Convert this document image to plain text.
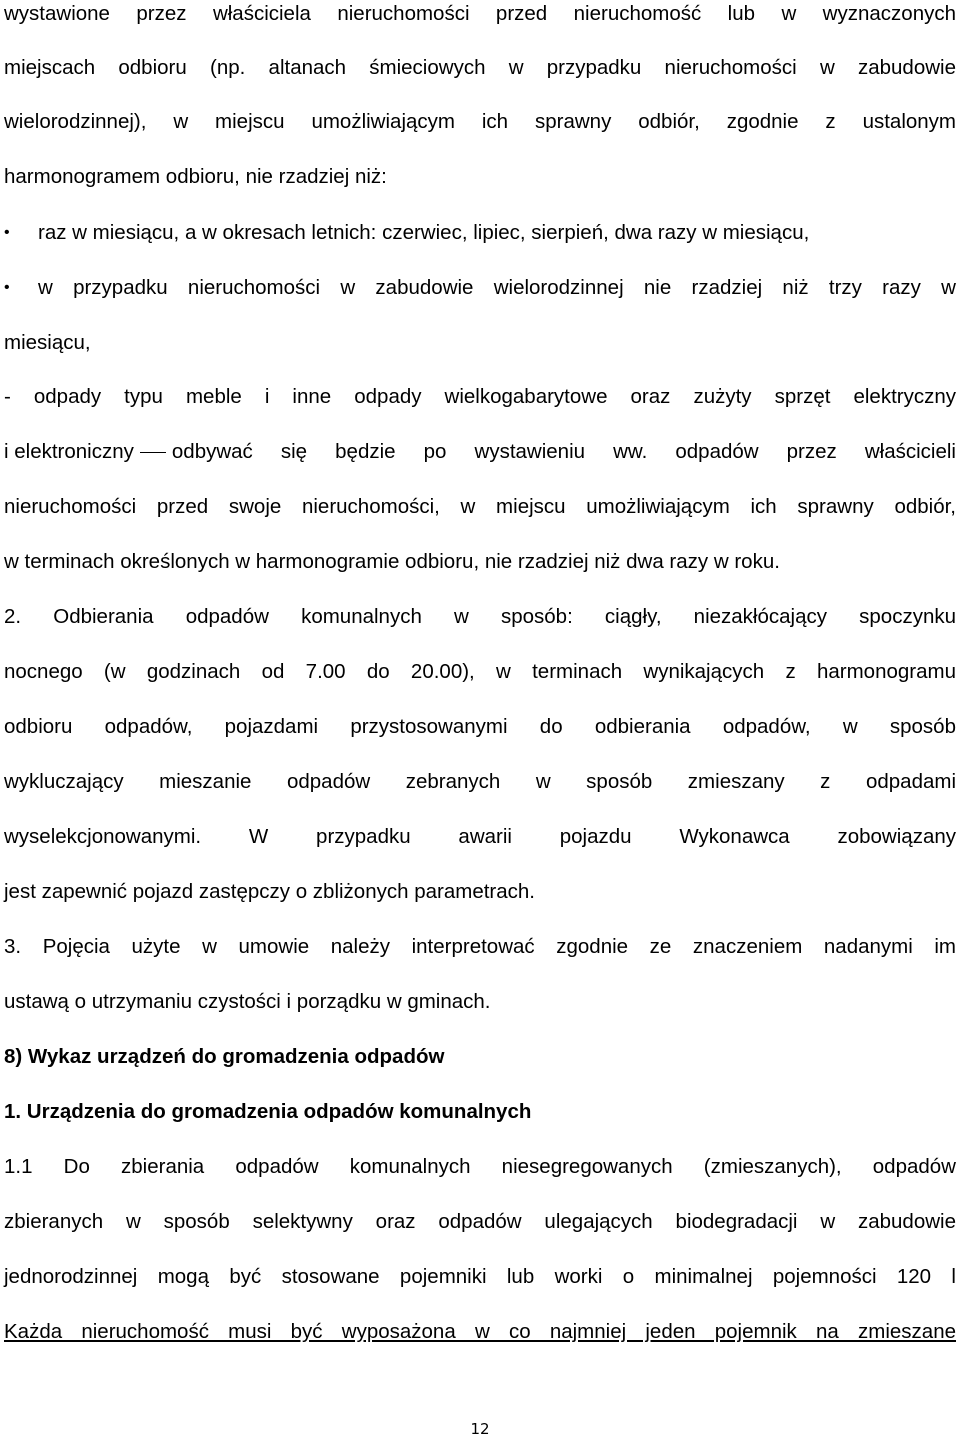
wystawione przez właściciela nieruchomości przed nieruchomość lub w wyznaczonych
miejscach odbioru (np. altanach śmieciowych w przypadku nieruchomości w zabudowie
wielorodzinnej), w miejscu umożliwiającym ich sprawny odbiór, zgodnie z ustalonym
harmonogramem odbioru, nie rzadziej niż:
• raz w miesiącu, a w okresach letnich: czerwiec, lipiec, sierpień, dwa razy w miesiącu,
• w przypadku nieruchomości w zabudowie wielorodzinnej nie rzadziej niż trzy razy w
miesiącu,
- odpady typu meble i inne odpady wielkogabarytowe oraz zużyty sprzęt elektryczny
i elektroniczny odbywać się będzie po wystawieniu ww. odpadów przez właścicieli
nieruchomości przed swoje nieruchomości, w miejscu umożliwiającym ich sprawny odbiór,
w terminach określonych w harmonogramie odbioru, nie rzadziej niż dwa razy w roku.
2. Odbierania odpadów komunalnych w sposób: ciągły, niezakłócający spoczynku
nocnego (w godzinach od 7.00 do 20.00), w terminach wynikających z harmonogramu
odbioru odpadów, pojazdami przystosowanymi do odbierania odpadów, w sposób
wykluczający mieszanie odpadów zebranych w sposób zmieszany z odpadami
wyselekcjonowanymi. W przypadku awarii pojazdu Wykonawca zobowiązany
jest zapewnić pojazd zastępczy o zbliżonych parametrach.
3. Pojęcia użyte w umowie należy interpretować zgodnie ze znaczeniem nadanymi im
ustawą o utrzymaniu czystości i porządku w gminach.
8) Wykaz urządzeń do gromadzenia odpadów
1. Urządzenia do gromadzenia odpadów komunalnych
1.1 Do zbierania odpadów komunalnych niesegregowanych (zmieszanych), odpadów
zbieranych w sposób selektywny oraz odpadów ulegających biodegradacji w zabudowie
jednorodzinnej mogą być stosowane pojemniki lub worki o minimalnej pojemności 120 l
Każda nieruchomość musi być wyposażona w co najmniej jeden pojemnik na zmieszane
12
